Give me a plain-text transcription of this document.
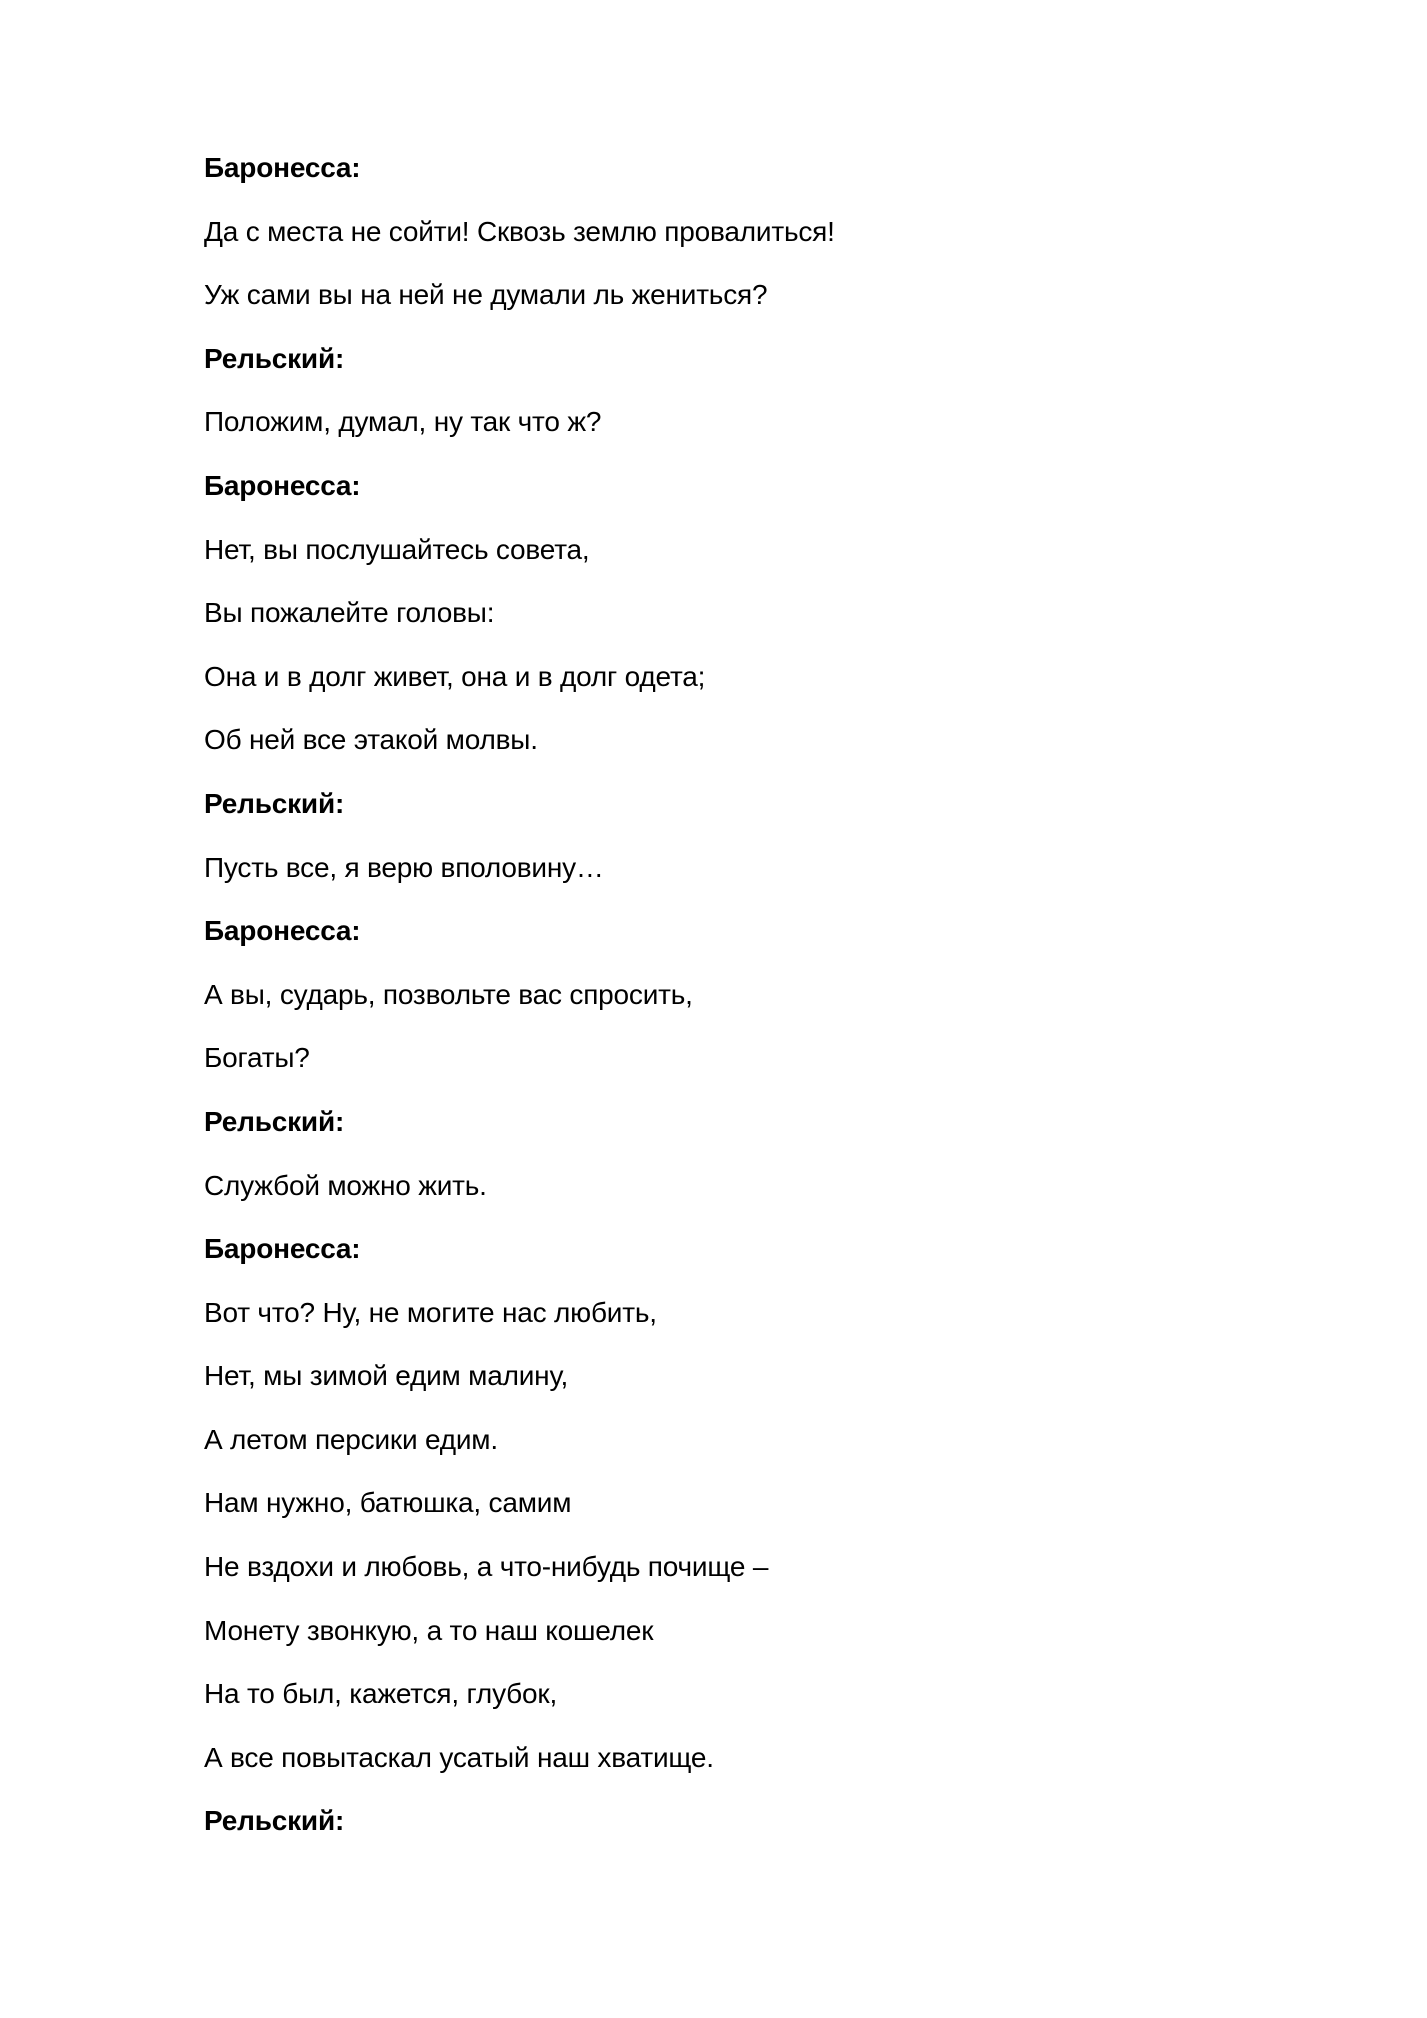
Баронесса:
Да с места не сойти! Сквозь землю провалиться!
Уж сами вы на ней не думали ль жениться?
Рельский:
Положим, думал, ну так что ж?
Баронесса:
Нет, вы послушайтесь совета,
Вы пожалейте головы:
Она и в долг живет, она и в долг одета;
Об ней все этакой молвы.
Рельский:
Пусть все, я верю вполовину…
Баронесса:
А вы, сударь, позвольте вас спросить,
Богаты?
Рельский:
Службой можно жить.
Баронесса:
Вот что? Ну, не могите нас любить,
Нет, мы зимой едим малину,
А летом персики едим.
Нам нужно, батюшка, самим
Не вздохи и любовь, а что-нибудь почище –
Монету звонкую, а то наш кошелек
На то был, кажется, глубок,
А все повытаскал усатый наш хватище.
Рельский:
